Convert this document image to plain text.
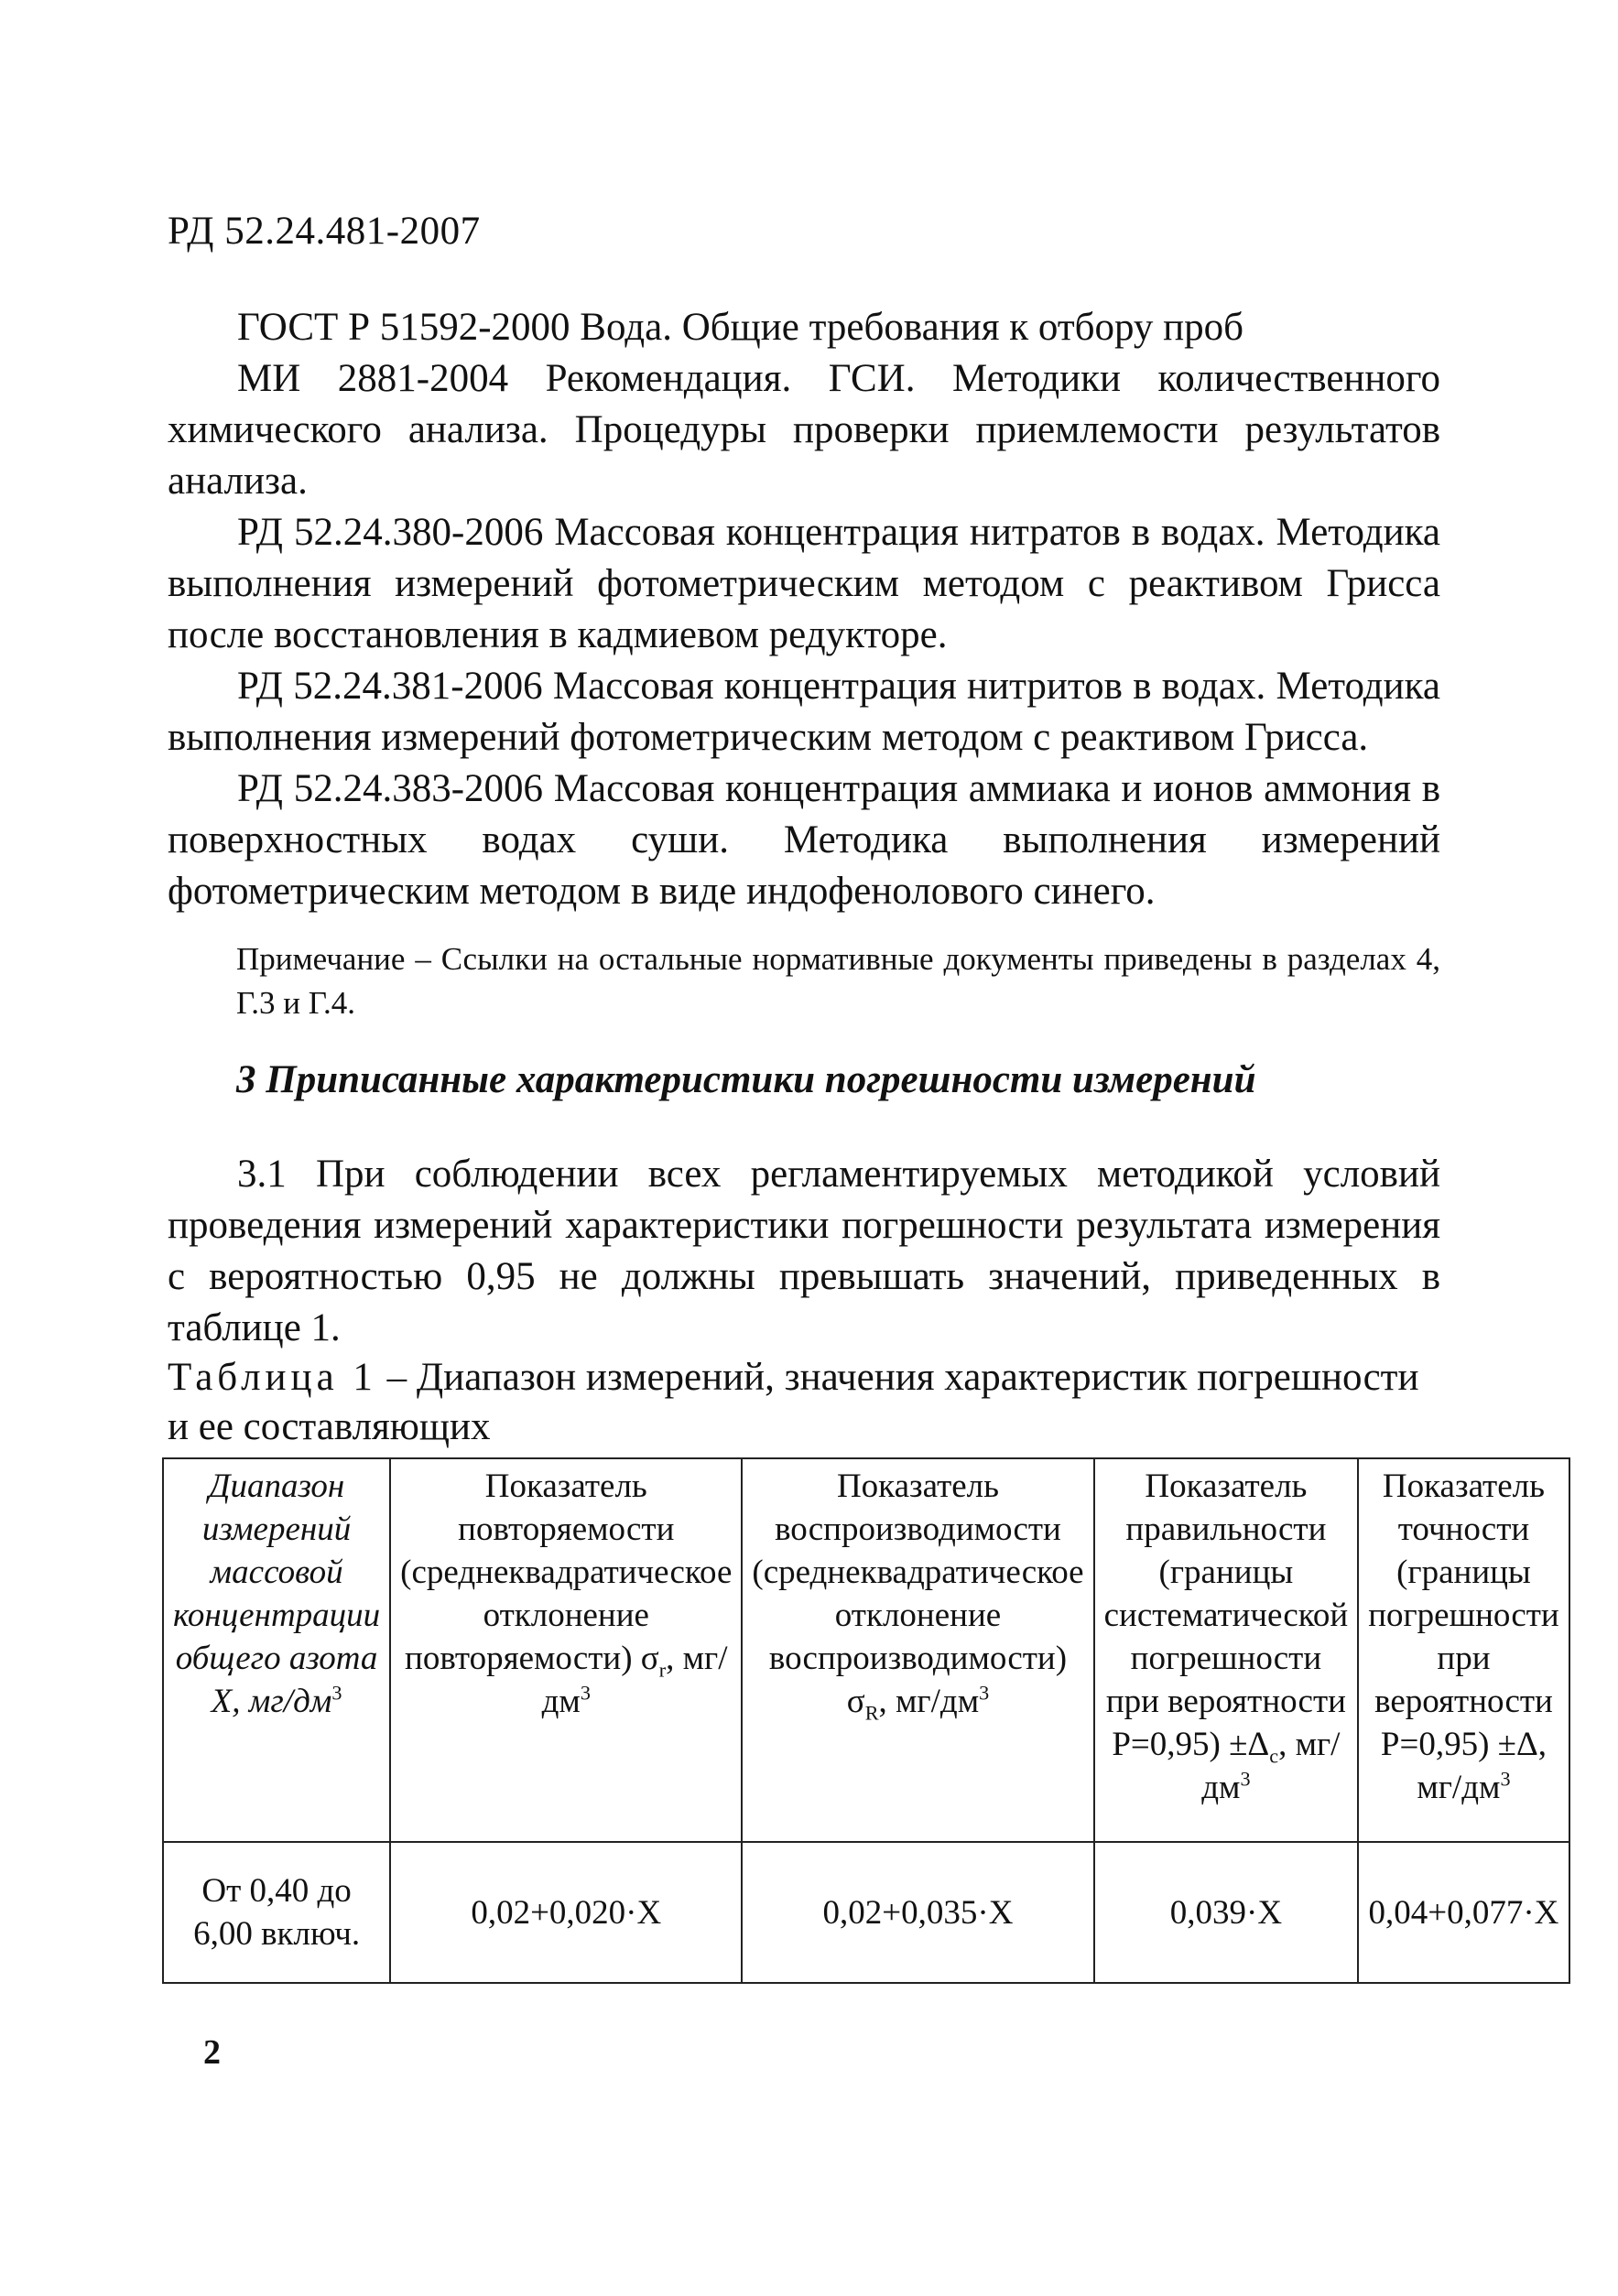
РД 52.24.481-2007

ГОСТ Р 51592-2000 Вода. Общие требования к отбору проб

МИ 2881-2004 Рекомендация. ГСИ. Методики количественного химического анализа. Процедуры проверки приемлемости результатов анализа.

РД 52.24.380-2006 Массовая концентрация нитратов в водах. Методика выполнения измерений фотометрическим методом с реактивом Грисса после восстановления в кадмиевом редукторе.

РД 52.24.381-2006 Массовая концентрация нитритов в водах. Методика выполнения измерений фотометрическим методом с реактивом Грисса.

РД 52.24.383-2006 Массовая концентрация аммиака и ионов аммония в поверхностных водах суши. Методика выполнения измерений фотометрическим методом в виде индофенолового синего.

Примечание – Ссылки на остальные нормативные документы приведены в разделах 4, Г.3 и Г.4.
3 Приписанные характеристики погрешности измерений
3.1 При соблюдении всех регламентируемых методикой условий проведения измерений характеристики погрешности результата измерения с вероятностью 0,95 не должны превышать значений, приведенных в таблице 1.
Таблица 1 – Диапазон измерений, значения характеристик погрешности и ее составляющих
Диапазон измерений массовой концентрации общего азота X, $мг/дм^3$	Показатель повторяемости (среднеквадратическое отклонение повторяемости) $\sigma_r$, $мг/дм^3$	Показатель воспроизводимости (среднеквадратическое отклонение воспроизводимости) $\sigma_R$, $мг/дм^3$	Показатель правильности (границы систематической погрешности при вероятности $P=0,95) \pm\Delta_c$, $мг/дм^3$	Показатель точности (границы погрешности при вероятности P=0,95) ±Δ, $мг/дм^3$
От 0,40 до 6,00 включ.	0,02+0,020·X	0,02+0,035·X	0,039·X	0,04+0,077·X
2
